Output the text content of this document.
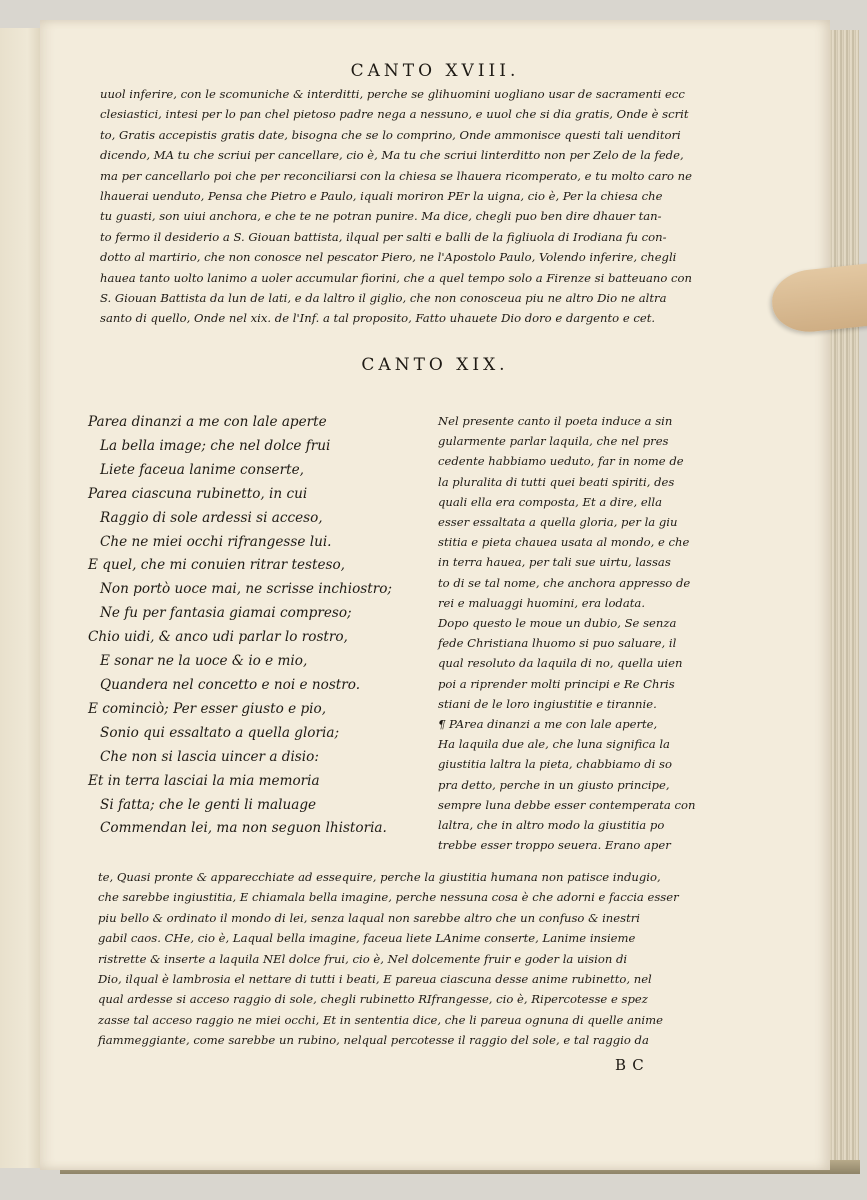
CANTO XVIII.
uuol inferire, con le scomuniche & interditti, perche se glihuomini uogliano usar de sacramenti ecc
clesiastici, intesi per lo pan chel pietoso padre nega a nessuno, e uuol che si dia gratis, Onde è scrit
to, Gratis accepistis gratis date, bisogna che se lo comprino, Onde ammonisce questi tali uenditori
dicendo, MA tu che scriui per cancellare, cio è, Ma tu che scriui linterditto non per Zelo de la fede,
ma per cancellarlo poi che per reconciliarsi con la chiesa se lhauera ricomperato, e tu molto caro ne
lhauerai uenduto, Pensa che Pietro e Paulo, iquali moriron PEr la uigna, cio è, Per la chiesa che
tu guasti, son uiui anchora, e che te ne potran punire. Ma dice, chegli puo ben dire dhauer tan-
to fermo il desiderio a S. Giouan battista, ilqual per salti e balli de la figliuola di Irodiana fu con-
dotto al martirio, che non conosce nel pescator Piero, ne l'Apostolo Paulo, Volendo inferire, chegli
hauea tanto uolto lanimo a uoler accumular fiorini, che a quel tempo solo a Firenze si batteuano con
S. Giouan Battista da lun de lati, e da laltro il giglio, che non conosceua piu ne altro Dio ne altra
santo di quello, Onde nel xix. de l'Inf. a tal proposito, Fatto uhauete Dio doro e dargento e cet.
CANTO XIX.
Parea dinanzi a me con lale aperte
La bella image; che nel dolce frui
Liete faceua lanime conserte,
Parea ciascuna rubinetto, in cui
Raggio di sole ardessi si acceso,
Che ne miei occhi rifrangesse lui.
E quel, che mi conuien ritrar testeso,
Non portò uoce mai, ne scrisse inchiostro;
Ne fu per fantasia giamai compreso;
Chio uidi, & anco udi parlar lo rostro,
E sonar ne la uoce & io e mio,
Quandera nel concetto e noi e nostro.
E cominciò; Per esser giusto e pio,
Sonio qui essaltato a quella gloria;
Che non si lascia uincer a disio:
Et in terra lasciai la mia memoria
Si fatta; che le genti li maluage
Commendan lei, ma non seguon lhistoria.
Nel presente canto il poeta induce a sin
gularmente parlar laquila, che nel pres
cedente habbiamo ueduto, far in nome de
la pluralita di tutti quei beati spiriti, des
quali ella era composta, Et a dire, ella
esser essaltata a quella gloria, per la giu
stitia e pieta chauea usata al mondo, e che
in terra hauea, per tali sue uirtu, lassas
to di se tal nome, che anchora appresso de
rei e maluaggi huomini, era lodata.
Dopo questo le moue un dubio, Se senza
fede Christiana lhuomo si puo saluare, il
qual resoluto da laquila di no, quella uien
poi a riprender molti principi e Re Chris
stiani de le loro ingiustitie e tirannie.
¶ PArea dinanzi a me con lale aperte,
Ha laquila due ale, che luna significa la
giustitia laltra la pieta, chabbiamo di so
pra detto, perche in un giusto principe,
sempre luna debbe esser contemperata con
laltra, che in altro modo la giustitia po
trebbe esser troppo seuera. Erano aper
te, Quasi pronte & apparecchiate ad essequire, perche la giustitia humana non patisce indugio,
che sarebbe ingiustitia, E chiamala bella imagine, perche nessuna cosa è che adorni e faccia esser
piu bello & ordinato il mondo di lei, senza laqual non sarebbe altro che un confuso & inestri
gabil caos. CHe, cio è, Laqual bella imagine, faceua liete LAnime conserte, Lanime insieme
ristrette & inserte a laquila NEl dolce frui, cio è, Nel dolcemente fruir e goder la uision di
Dio, ilqual è lambrosia el nettare di tutti i beati, E pareua ciascuna desse anime rubinetto, nel
qual ardesse si acceso raggio di sole, chegli rubinetto RIfrangesse, cio è, Ripercotesse e spez
zasse tal acceso raggio ne miei occhi, Et in sententia dice, che li pareua ognuna di quelle anime
fiammeggiante, come sarebbe un rubino, nelqual percotesse il raggio del sole, e tal raggio da
BC
